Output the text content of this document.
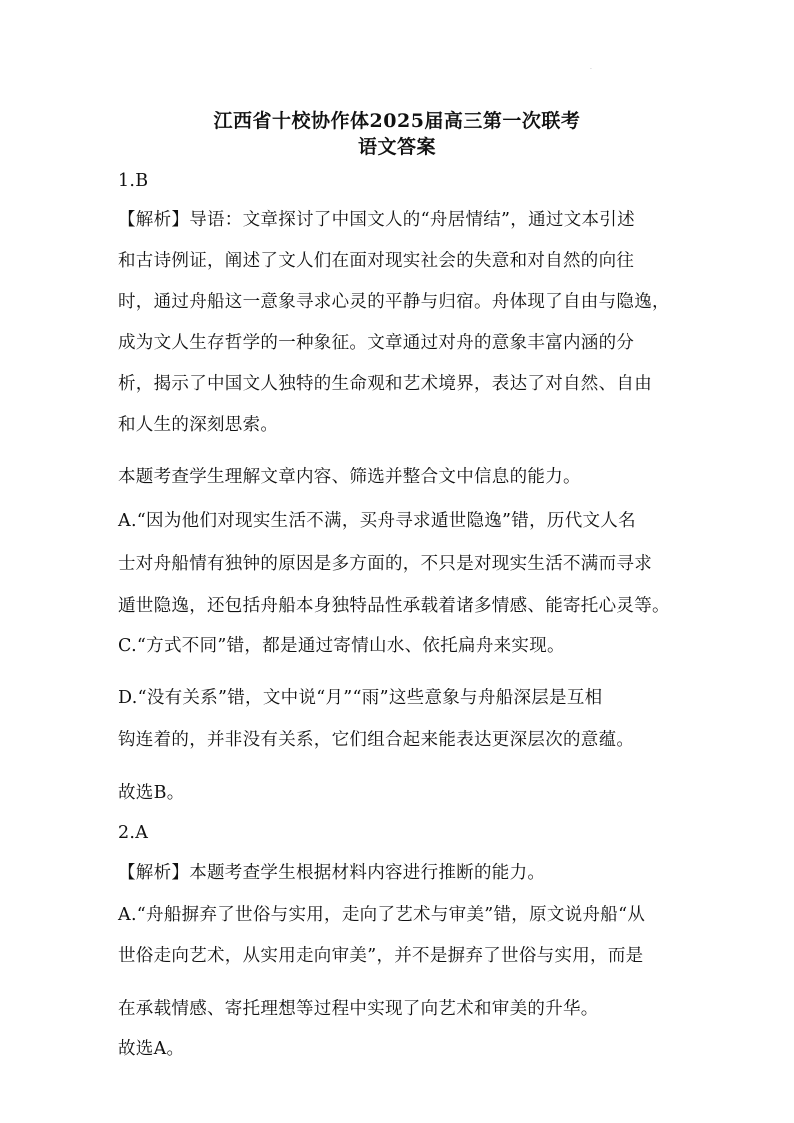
·
江西省十校协作体2025届高三第一次联考
语文答案
1.B
【解析】导语：文章探讨了中国文人的“舟居情结”，通过文本引述
和古诗例证，阐述了文人们在面对现实社会的失意和对自然的向往
时，通过舟船这一意象寻求心灵的平静与归宿。舟体现了自由与隐逸，
成为文人生存哲学的一种象征。文章通过对舟的意象丰富内涵的分
析，揭示了中国文人独特的生命观和艺术境界，表达了对自然、自由
和人生的深刻思索。
本题考查学生理解文章内容、筛选并整合文中信息的能力。
A.“因为他们对现实生活不满，买舟寻求遁世隐逸”错，历代文人名
士对舟船情有独钟的原因是多方面的，不只是对现实生活不满而寻求
遁世隐逸，还包括舟船本身独特品性承载着诸多情感、能寄托心灵等。
C.“方式不同”错，都是通过寄情山水、依托扁舟来实现。
D.“没有关系”错，文中说“月”“雨”这些意象与舟船深层是互相
钩连着的，并非没有关系，它们组合起来能表达更深层次的意蕴。
故选B。
2.A
【解析】本题考查学生根据材料内容进行推断的能力。
A.“舟船摒弃了世俗与实用，走向了艺术与审美”错，原文说舟船“从
世俗走向艺术，从实用走向审美”，并不是摒弃了世俗与实用，而是
在承载情感、寄托理想等过程中实现了向艺术和审美的升华。
故选A。
